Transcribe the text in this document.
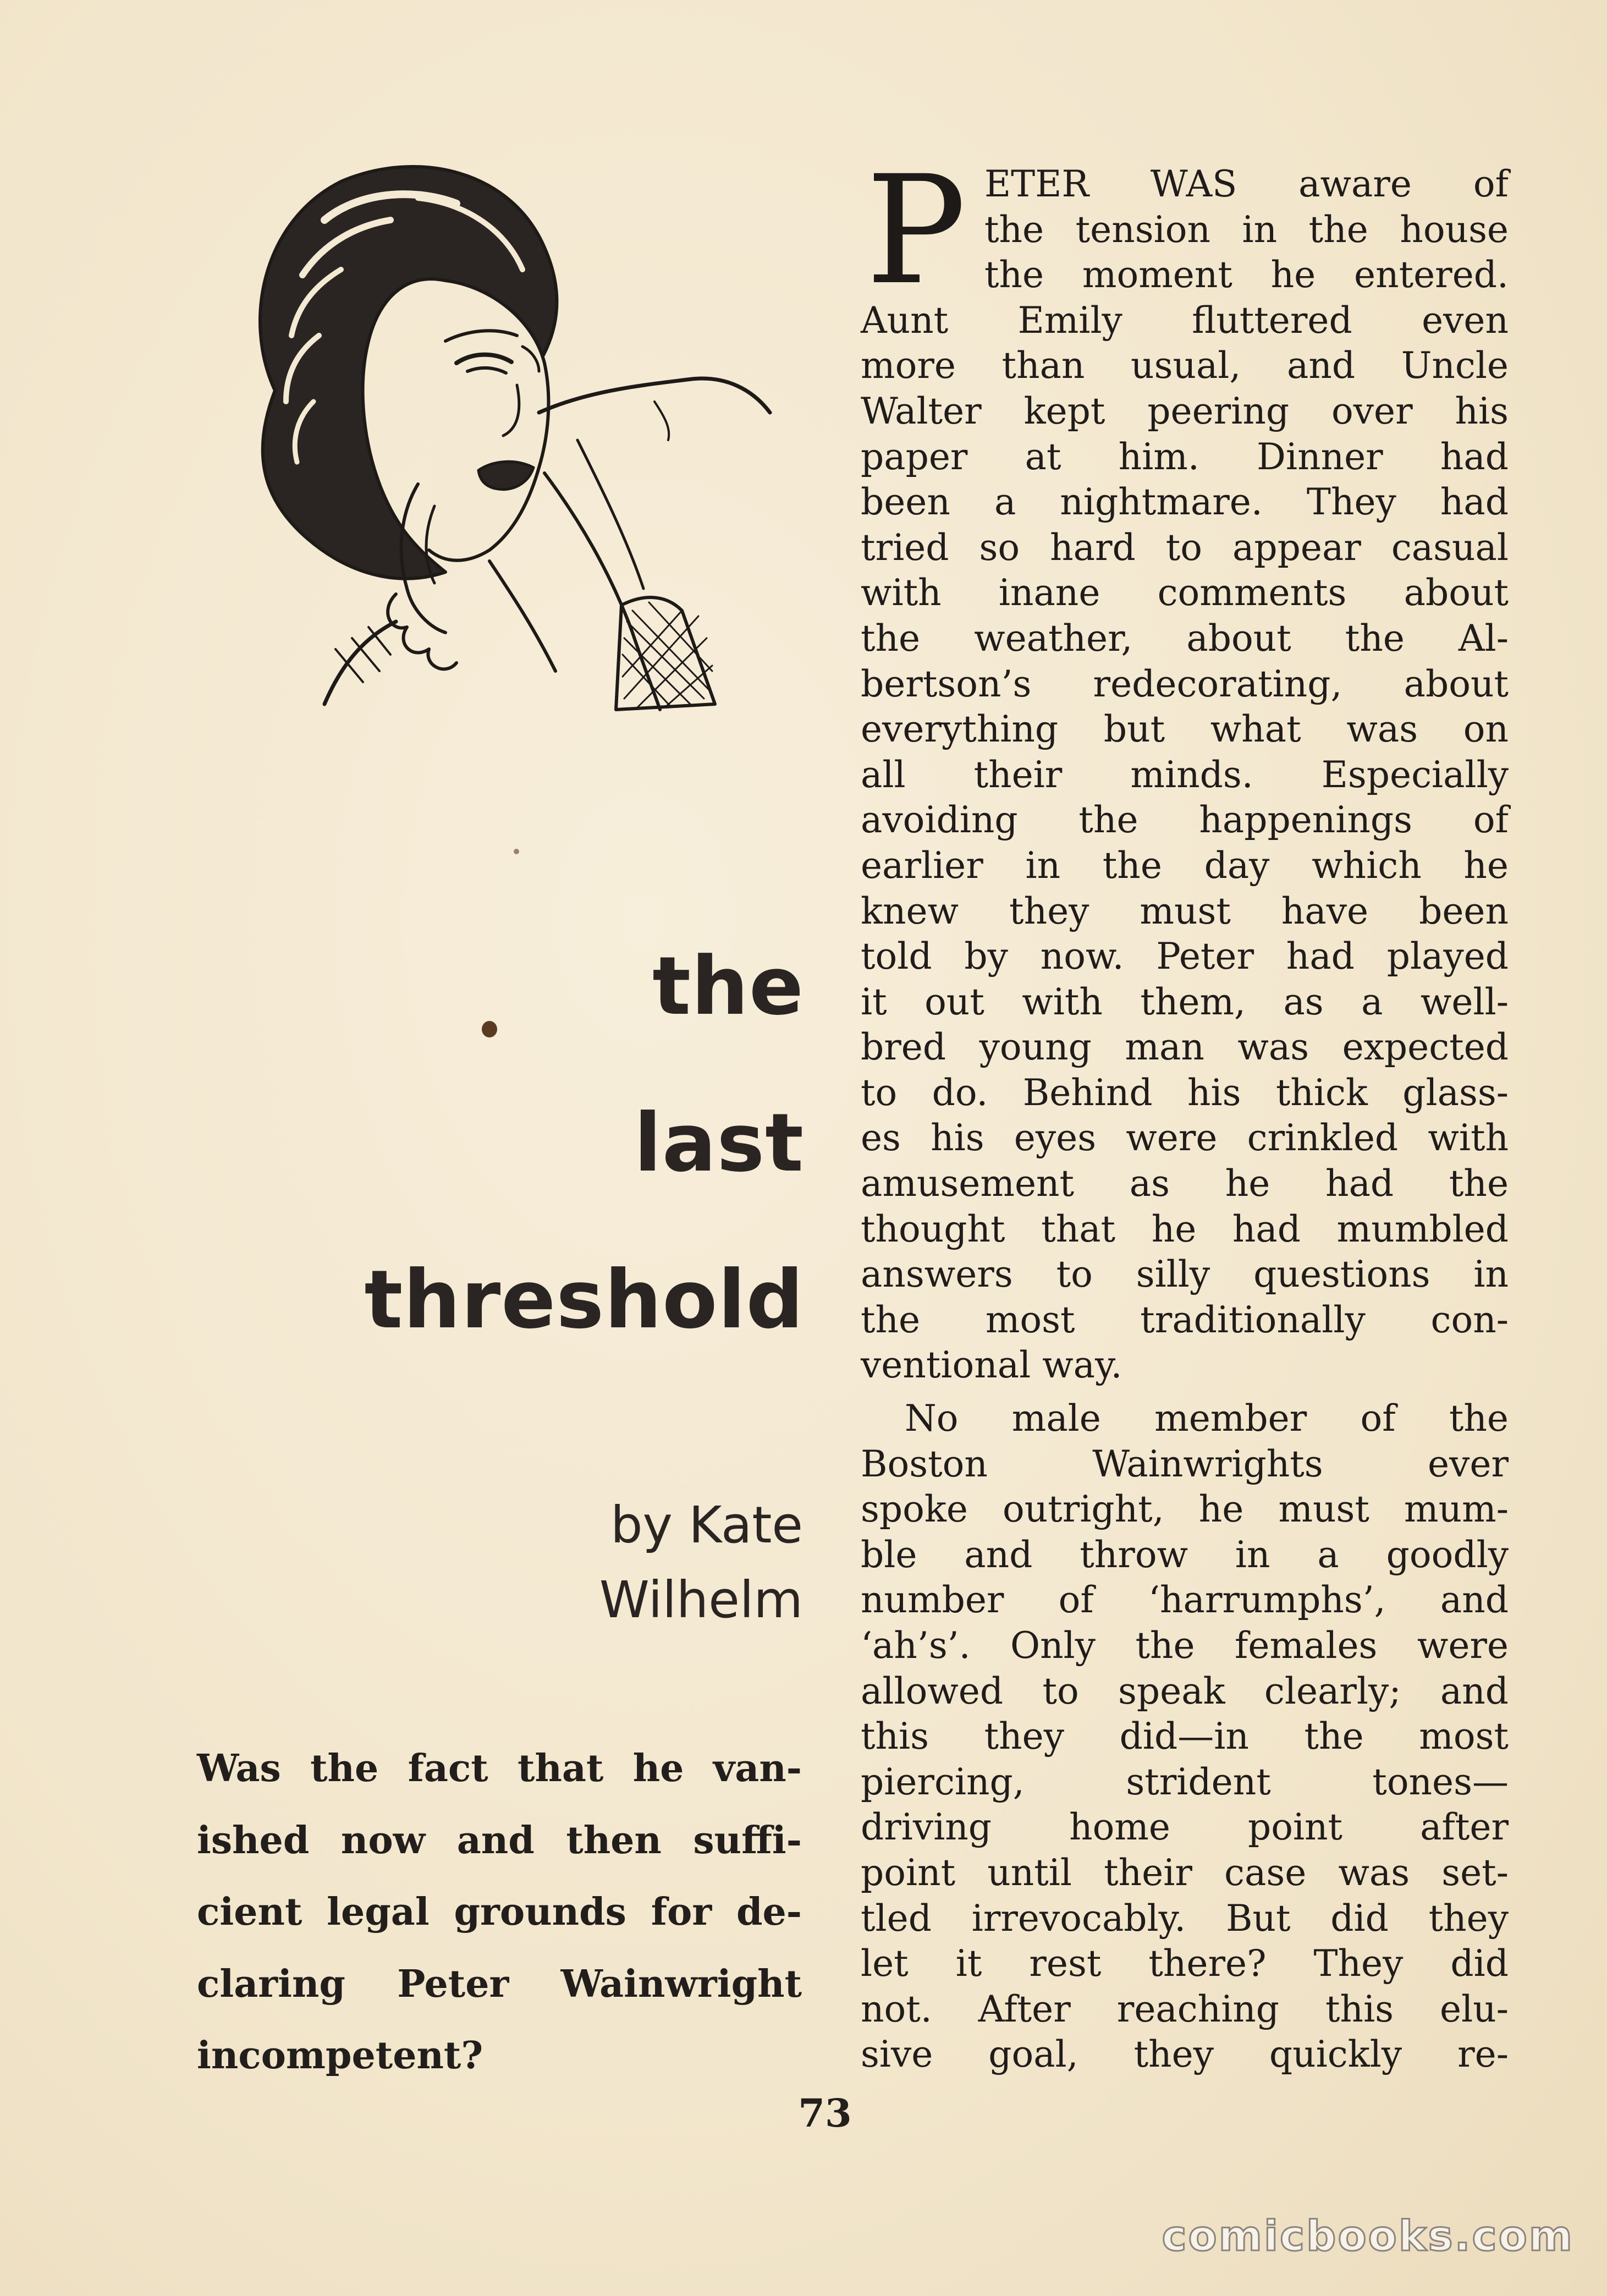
the
last
threshold
by Kate
Wilhelm
Was the fact that he van-
ished now and then suffi-
cient legal grounds for de-
claring Peter Wainwright
incompetent?
P ETER WAS aware of
the tension in the house
the moment he entered.
Aunt Emily fluttered even
more than usual, and Uncle
Walter kept peering over his
paper at him. Dinner had
been a nightmare. They had
tried so hard to appear casual
with inane comments about
the weather, about the Al-
bertson’s redecorating, about
everything but what was on
all their minds. Especially
avoiding the happenings of
earlier in the day which he
knew they must have been
told by now. Peter had played
it out with them, as a well-
bred young man was expected
to do. Behind his thick glass-
es his eyes were crinkled with
amusement as he had the
thought that he had mumbled
answers to silly questions in
the most traditionally con-
ventional way.
No male member of the
Boston Wainwrights ever
spoke outright, he must mum-
ble and throw in a goodly
number of ‘harrumphs’, and
‘ah’s’. Only the females were
allowed to speak clearly; and
this they did—in the most
piercing, strident tones—
driving home point after
point until their case was set-
tled irrevocably. But did they
let it rest there? They did
not. After reaching this elu-
sive goal, they quickly re-
73
comicbooks.com
